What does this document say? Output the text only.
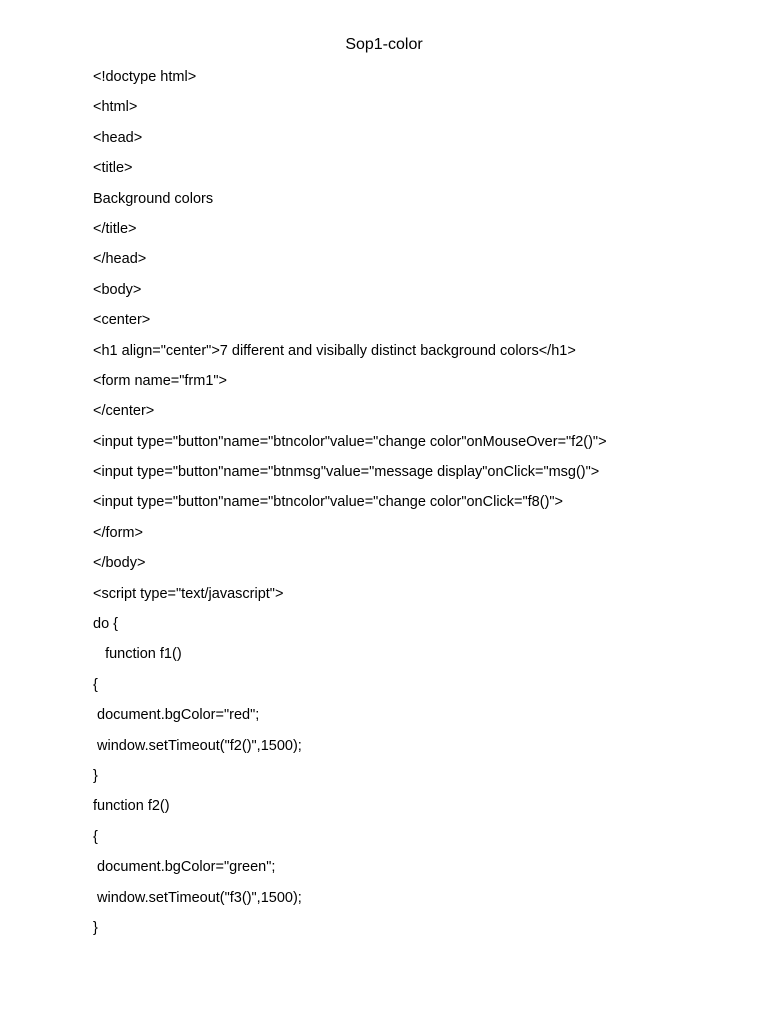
Sop1-color
<!doctype html>
<html>
<head>
<title>
Background colors
</title>
</head>
<body>
<center>
<h1 align="center">7 different and visibally distinct background colors</h1>
<form name="frm1">
</center>
<input type="button"name="btncolor"value="change color"onMouseOver="f2()">
<input type="button"name="btnmsg"value="message display"onClick="msg()">
<input type="button"name="btncolor"value="change color"onClick="f8()">
</form>
</body>
<script type="text/javascript">
do {
function f1()
{
document.bgColor="red";
window.setTimeout("f2()",1500);
}
function f2()
{
document.bgColor="green";
window.setTimeout("f3()",1500);
}
